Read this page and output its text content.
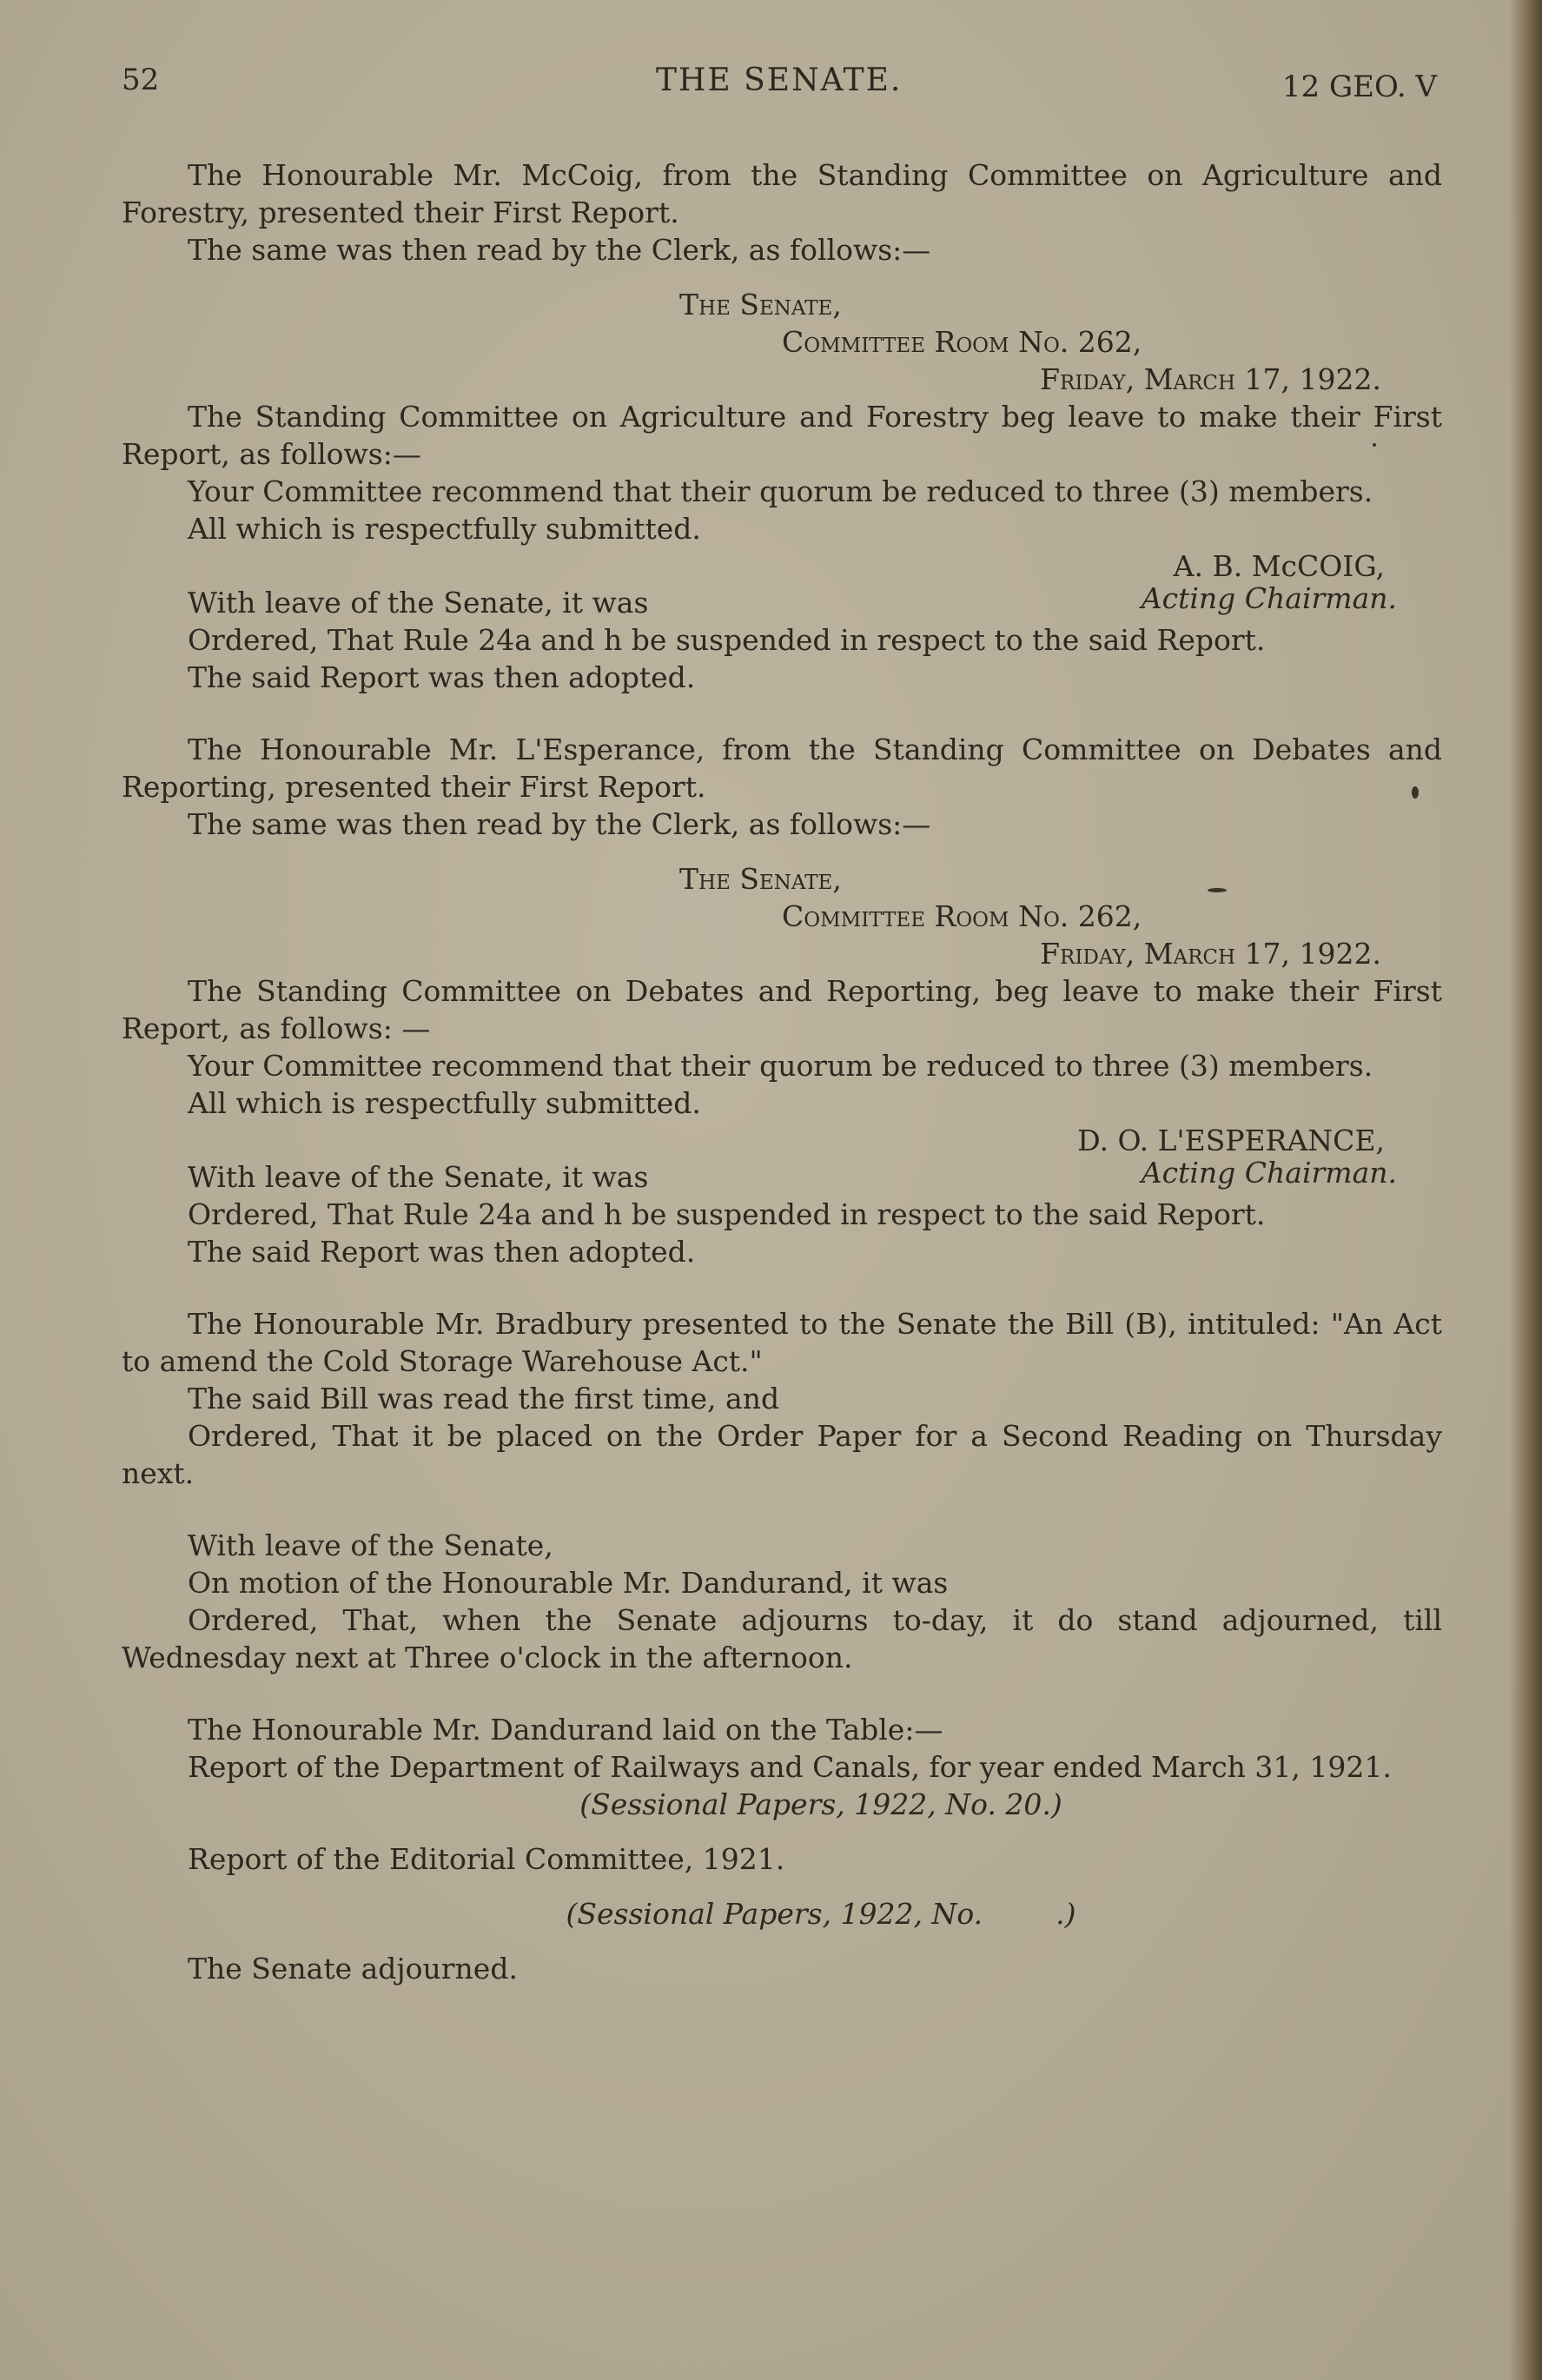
52	THE SENATE.	12 GEO. V

The Honourable Mr. McCoig, from the Standing Committee on Agriculture and Forestry, presented their First Report.

The same was then read by the Clerk, as follows:—

The Senate,

Committee Room No. 262,

Friday, March 17, 1922.

The Standing Committee on Agriculture and Forestry beg leave to make their First Report, as follows:—

Your Committee recommend that their quorum be reduced to three (3) members.

All which is respectfully submitted.

A. B. McCOIG,

Acting Chairman.

With leave of the Senate, it was

Ordered, That Rule 24a and h be suspended in respect to the said Report.

The said Report was then adopted.

The Honourable Mr. L'Esperance, from the Standing Committee on Debates and Reporting, presented their First Report.

The same was then read by the Clerk, as follows:—

The Senate,

Committee Room No. 262,

Friday, March 17, 1922.

The Standing Committee on Debates and Reporting, beg leave to make their First Report, as follows: —

Your Committee recommend that their quorum be reduced to three (3) members.

All which is respectfully submitted.

D. O. L'ESPERANCE,

Acting Chairman.

With leave of the Senate, it was

Ordered, That Rule 24a and h be suspended in respect to the said Report.

The said Report was then adopted.

The Honourable Mr. Bradbury presented to the Senate the Bill (B), intituled: "An Act to amend the Cold Storage Warehouse Act."

The said Bill was read the first time, and

Ordered, That it be placed on the Order Paper for a Second Reading on Thursday next.

With leave of the Senate,

On motion of the Honourable Mr. Dandurand, it was

Ordered, That, when the Senate adjourns to-day, it do stand adjourned, till Wednesday next at Three o'clock in the afternoon.

The Honourable Mr. Dandurand laid on the Table:—

Report of the Department of Railways and Canals, for year ended March 31, 1921.

(Sessional Papers, 1922, No. 20.)

Report of the Editorial Committee, 1921.

(Sessional Papers, 1922, No.        .)

The Senate adjourned.
